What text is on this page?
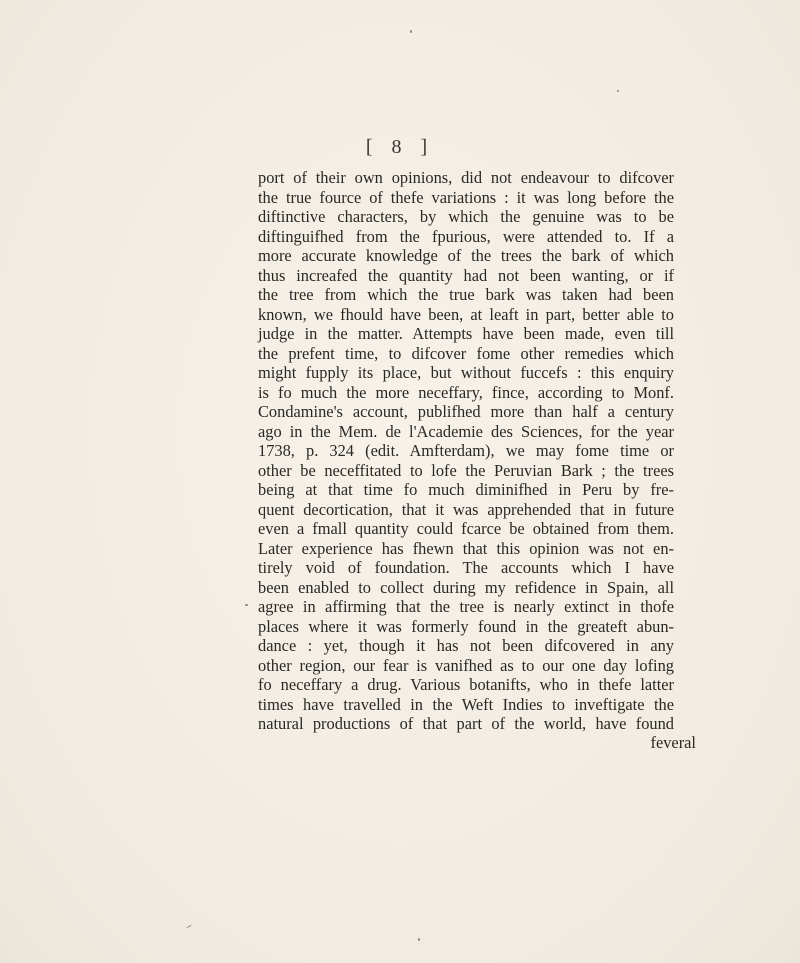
[ 8 ]
port of their own opinions, did not endeavour to difcover
the true fource of thefe variations : it was long before the
diftinctive characters, by which the genuine was to be
diftinguifhed from the fpurious, were attended to. If a
more accurate knowledge of the trees the bark of which
thus increafed the quantity had not been wanting, or if
the tree from which the true bark was taken had been
known, we fhould have been, at leaft in part, better able to
judge in the matter. Attempts have been made, even till
the prefent time, to difcover fome other remedies which
might fupply its place, but without fuccefs : this enquiry
is fo much the more neceffary, fince, according to Monf.
Condamine's account, publifhed more than half a century
ago in the Mem. de l'Academie des Sciences, for the year
1738, p. 324 (edit. Amfterdam), we may fome time or
other be neceffitated to lofe the Peruvian Bark ; the trees
being at that time fo much diminifhed in Peru by fre-
quent decortication, that it was apprehended that in future
even a fmall quantity could fcarce be obtained from them.
Later experience has fhewn that this opinion was not en-
tirely void of foundation. The accounts which I have
been enabled to collect during my refidence in Spain, all
agree in affirming that the tree is nearly extinct in thofe
places where it was formerly found in the greateft abun-
dance : yet, though it has not been difcovered in any
other region, our fear is vanifhed as to our one day lofing
fo neceffary a drug. Various botanifts, who in thefe latter
times have travelled in the Weft Indies to inveftigate the
natural productions of that part of the world, have found
feveral
